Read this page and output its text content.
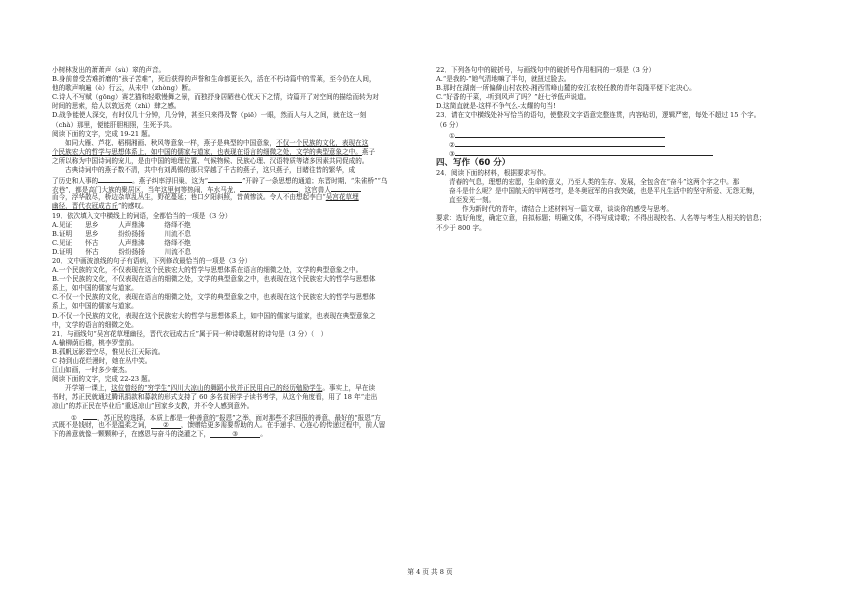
小树林发出的萧萧声（sù）窣的声音。
B.身前曾受苦难折磨的“孩子苦难”，死后获得的声誉和生命都更长久，活在不朽诗篇中的雪莱，至今仍在人间，
他的歌声响遍（è）行云，从未中（zhòng）断。
C.诗人不写赋（gōng）赛艺猫和轻歌慢舞之景，而独抒身居陋巷心忧天下之情，诗篇开了对空间的描绘而转为对
时间的思索，给人以敦远亮（zhì）肆之感。
D.战争能使人深交，有时仅几十分钟，几分钟，甚至只来得及瞥（piē）一眼，然而人与人之间，就在这一刻
（chà）那里，便能肝胆相照，生死予共。
阅读下面的文字，完成 19-21 题。
如同大雁、芦花、稻桐湘画、秋风等意象一样，燕子是典型的中国意象，不仅一个民族的文化，表现在这
个民族宏大的哲学与思想体系上，如中国的儒家与道家，也表现在语言的细微之处，文学的典型意象之中。燕子
之所以称为中国诗词的宠儿，是由中国的地理位置、气候物候、民族心理、汉语特质等诸多因素共同促成的。
古典诗词中的燕子数不清，共中有刘禹锡的那只穿越了千古的燕子，这只燕子，目睹往昔的繁华，成
了历史和人事的	。燕子纠率浮旧巢，这为“	”开辟了一条思想的通道；东晋时期，“朱雀桥”“乌
衣巷”，都是高门大族的聚居区，当年这里何等热闹，车水马龙，	，这官兽人
而今，浮华散尽，桥边杂草乱丛生，野花蔓延；巷口夕阳斜照，昔黄惨淡。令人不由想起李白“吴宫花草埋
幽径，晋代衣冠成古丘”的感叹。
19．依次填入文中横线上的词语，全都恰当的一项是（3 分）
A.见证　　思乡　　　人声鼎沸　　　络绎不绝
B.证明　　思乡　　　纷纷扬扬　　　川流不息
C.见证　　怀古　　　人声鼎沸　　　络绎不绝
D.证明　　怀古　　　纷纷扬扬　　　川流不息
20．文中画波浪线的句子有语病，下列修改最恰当的一项是（3 分）
A.一个民族的文化，不仅表现在这个民族宏大的哲学与思想体系在语言的细微之处，文学的典型意象之中。
B.一个民族的文化，不仅表现在语言的细微之处，文学的典型意象之中，也表现在这个民族宏大的哲学与思想体
系上，如中国的儒家与道家。
C.不仅一个民族的文化，表现在语言的细微之处，文学的典型意象之中，也表现在这个民族宏大的哲学与思想体
系上，如中国的儒家与道家。
D.不仅一个民族的文化，表现在这个民族宏大的哲学与思想体系上，如中国的儒家与道家，也表现在典型意象之
中，文学的语言的细微之处。
21．与画线句“吴宫花草埋幽径，晋代衣冠成古丘”属于同一种诗歌题材的诗句是（3 分）（　）
A.榆柳荫后檐，桃李罗堂前。
B.孤帆远影碧空尽，惟见长江天际流。
C 持到山花烂漫时，她在丛中笑。
江山如画，一时多少豪杰。
阅读下面的文字，完成 22-23 题。
开学第一课上，这位曾经的“穷学生”四川大凉山的舞蹈小伙并正民用自己的经历勉励学生。事实上，早在读
书时，苏正民就通过腾讯捐款和募款的形式支持了 60 多名贫困学子读书考学，从这个角度看，用了 18 年“走出
凉山”的苏正民在毕业后“重返凉山”回家乡支教，并不令人感到意外。
①	，苏正民的选择，本质上都是一种善意的“报恩”之举，面对那些不求回报的善意，最好的“报恩”方
式既不是钱财，也不是温柔之词， ② ，馈赠给更多需要帮助的人。在手递手、心连心的传递过程中，前人留
下的善意就像一颗颗种子，在感恩与奋斗的浇灌之下，	③	。
22．下列各句中的破折号，与画线句中的破折号作用相同的一项是（3 分）
A.“是我的-”她气清地嘛了半句，就扭过脸去。
B.那时在湖南一所偏僻山村农校-湘西雪峰山麓的安江农校任教的青年袁隆平便下定决心。
C.“好香的干菜，-听到风声了吗？”赶七爷低声说道。
D.这简直就是-这样不争气么-太耀的句当!
23．请在文中横线处补写恰当的语句，使整段文字语意完整连贯，内容贴切，逻辑严密，每处不超过 15 个字。
（6 分）
①
②
③
四、写作（60 分）
24．阅读下面的材料，根据要求写作。
青春的气息，理想的宏愿，生命的意义，乃至人类的生存、发展，全包含在“奋斗”这两个字之中。那
奋斗是什么呢？是中国航天的甲网苍穹，是冬奥冠军的自我突破，也是平凡生活中的坚守所爱、无怨无悔，
直至发光一刻。
作为新时代的青年，请结合上述材料写一篇文章，谈谈你的感受与思考。
要求：选好角度，确定立意，自拟标题；明确文体，不得写成诗歌；不得出现校名、人名等与考生人相关的信息；
不少于 800 字。
第 4 页 共 8 页
